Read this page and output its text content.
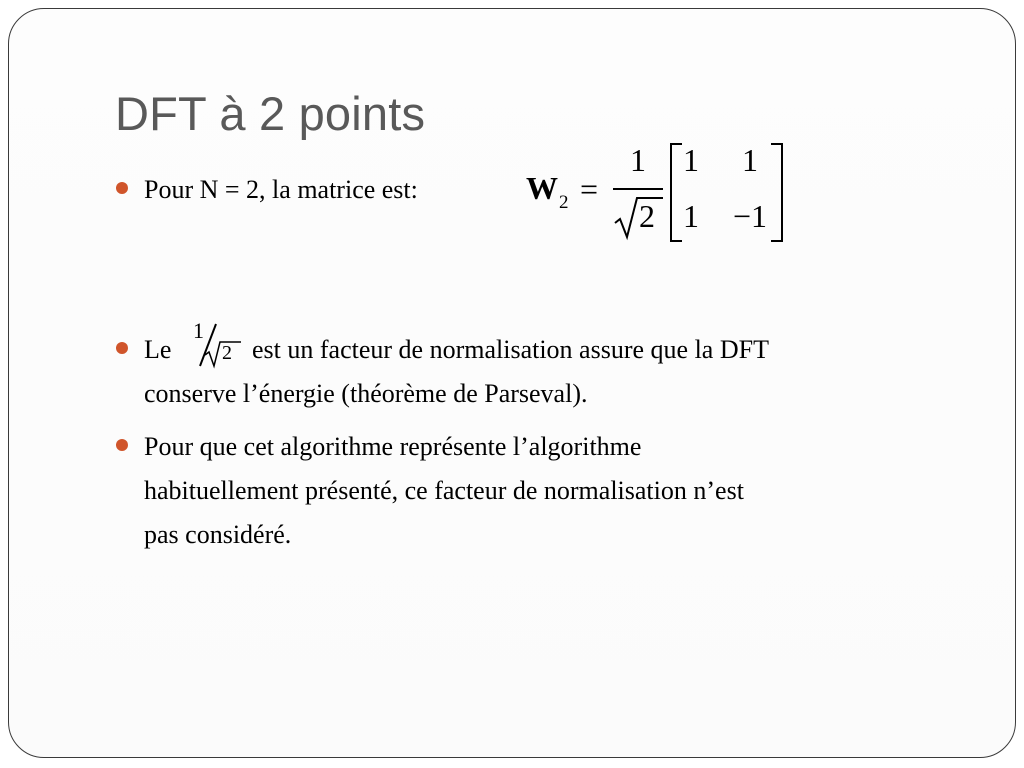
DFT à 2 points
Pour N = 2, la matrice est:	W 2 =
1
2
1 1
1 −1
Le
1
2 est un facteur de normalisation assure que la DFT
conserve l’énergie (théorème de Parseval).
Pour que cet algorithme représente l’algorithme
habituellement présenté, ce facteur de normalisation n’est
pas considéré.
